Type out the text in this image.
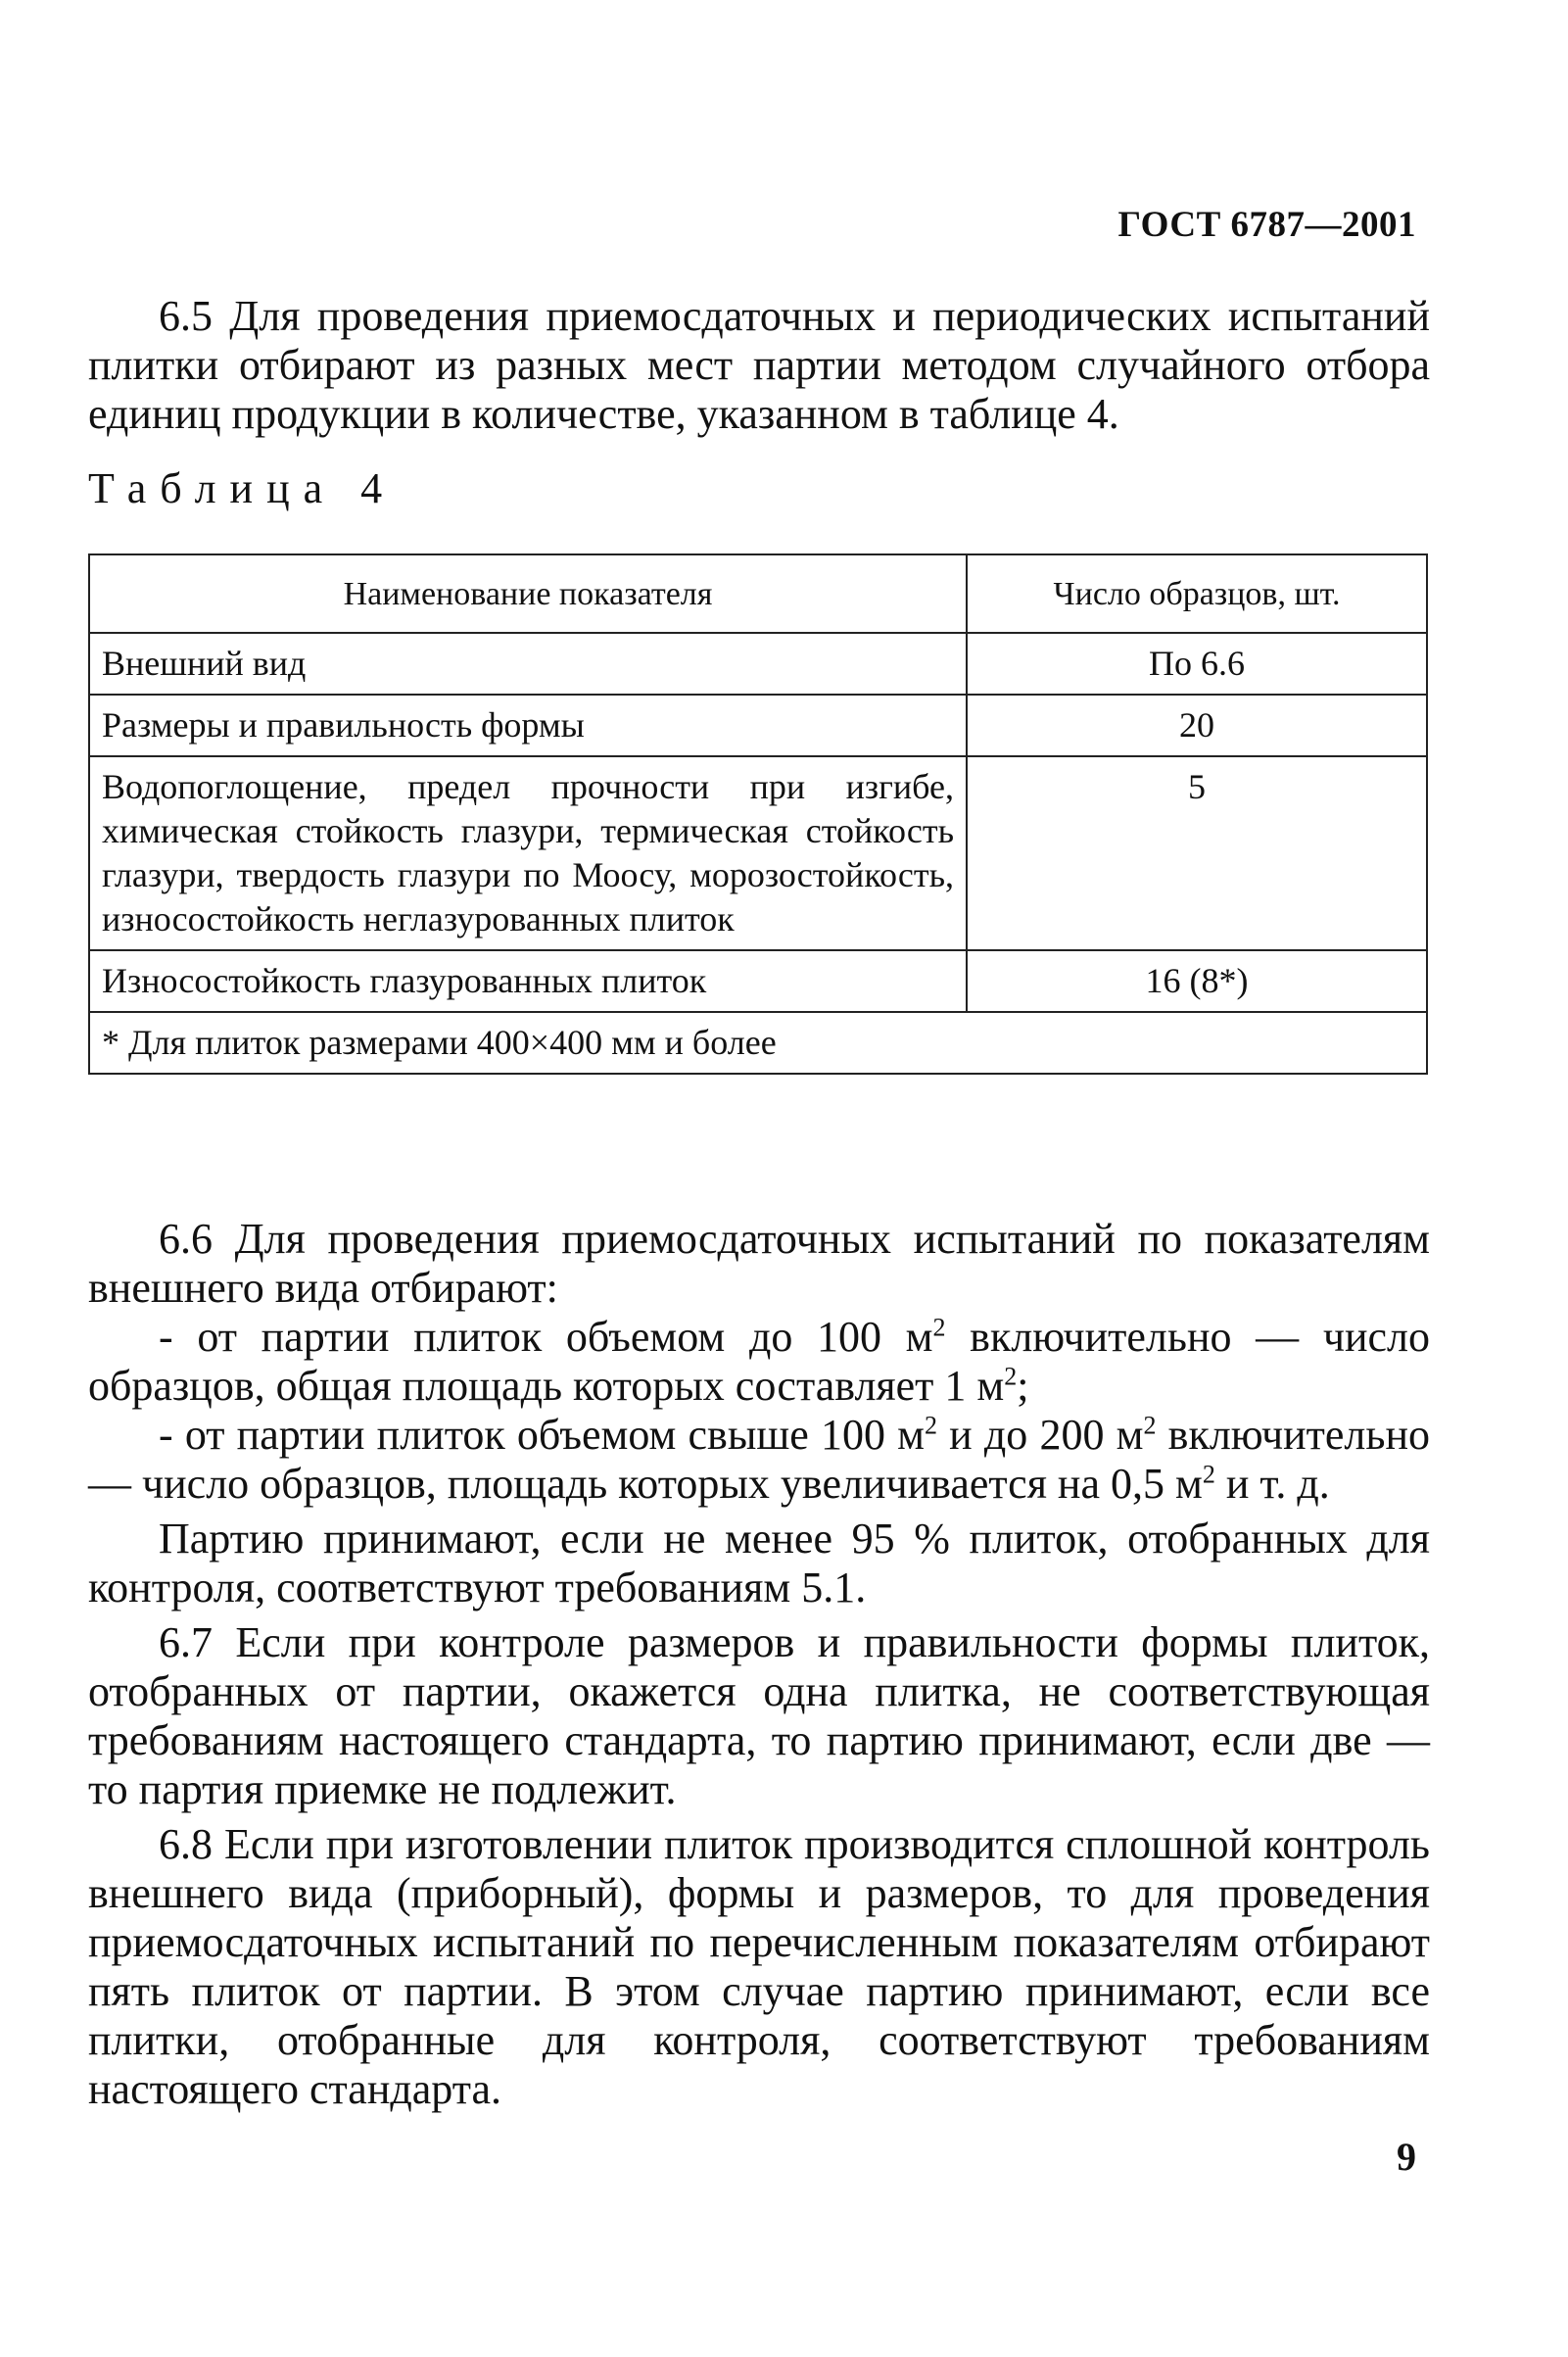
ГОСТ 6787—2001

6.5 Для проведения приемосдаточных и периодических испытаний плитки отбирают из разных мест партии методом случайного отбора единиц продукции в количестве, указанном в таблице 4.

Таблица 4
Наименование показателя	Число образцов, шт.
Внешний вид	По 6.6
Размеры и правильность формы	20
Водопоглощение, предел прочности при изгибе, химическая стойкость глазури, термическая стойкость глазури, твердость глазури по Моосу, морозостойкость, износостойкость неглазурованных плиток	5
Износостойкость глазурованных плиток	16 (8*)
* Для плиток размерами 400×400 мм и более	

6.6 Для проведения приемосдаточных испытаний по показателям внешнего вида отбирают:

- от партии плиток объемом до 100 $м^2$ включительно — число образцов, общая площадь которых составляет 1 $м^2$;

- от партии плиток объемом свыше 100 $м^2$ и до 200 $м^2$ включительно — число образцов, площадь которых увеличивается на 0,5 $м^2$ и т. д.

Партию принимают, если не менее 95 % плиток, отобранных для контроля, соответствуют требованиям 5.1.

6.7 Если при контроле размеров и правильности формы плиток, отобранных от партии, окажется одна плитка, не соответствующая требованиям настоящего стандарта, то партию принимают, если две — то партия приемке не подлежит.

6.8 Если при изготовлении плиток производится сплошной контроль внешнего вида (приборный), формы и размеров, то для проведения приемосдаточных испытаний по перечисленным показателям отбирают пять плиток от партии. В этом случае партию принимают, если все плитки, отобранные для контроля, соответствуют требованиям настоящего стандарта.

9
